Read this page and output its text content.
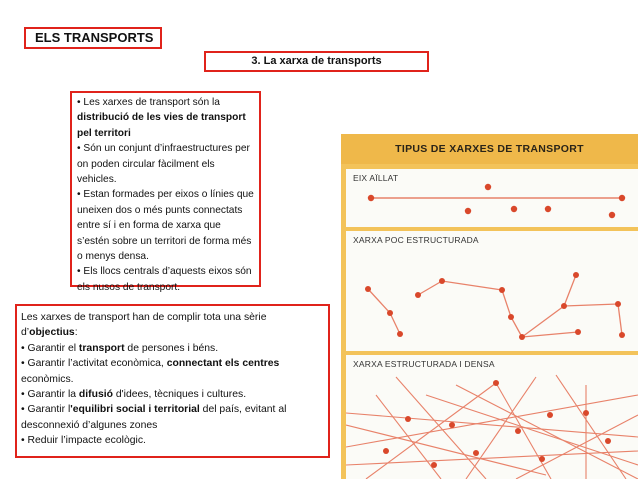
ELS TRANSPORTS
3. La xarxa de transports

• Les xarxes de transport són la distribució de les vies de transport pel territori

• Són un conjunt d’infraestructures per on poden circular fàcilment els vehicles.

• Estan formades per eixos o línies que uneixen dos o més punts connectats entre sí i en forma de xarxa que s’estén sobre un territori de forma més o menys densa.

• Els llocs centrals d’aquests eixos són els nusos de transport.

Les xarxes de transport han de complir tota una sèrie d’objectius:

• Garantir el transport de persones i béns.

• Garantir l’activitat econòmica, connectant els centres econòmics.

• Garantir la difusió d'idees, tècniques i cultures.

• Garantir l'equilibri social i territorial del país, evitant al desconnexió d’algunes zones

• Reduir l’impacte ecològic.

TIPUS DE XARXES DE TRANSPORT
EIX AÏLLAT
XARXA POC ESTRUCTURADA
XARXA ESTRUCTURADA I DENSA
